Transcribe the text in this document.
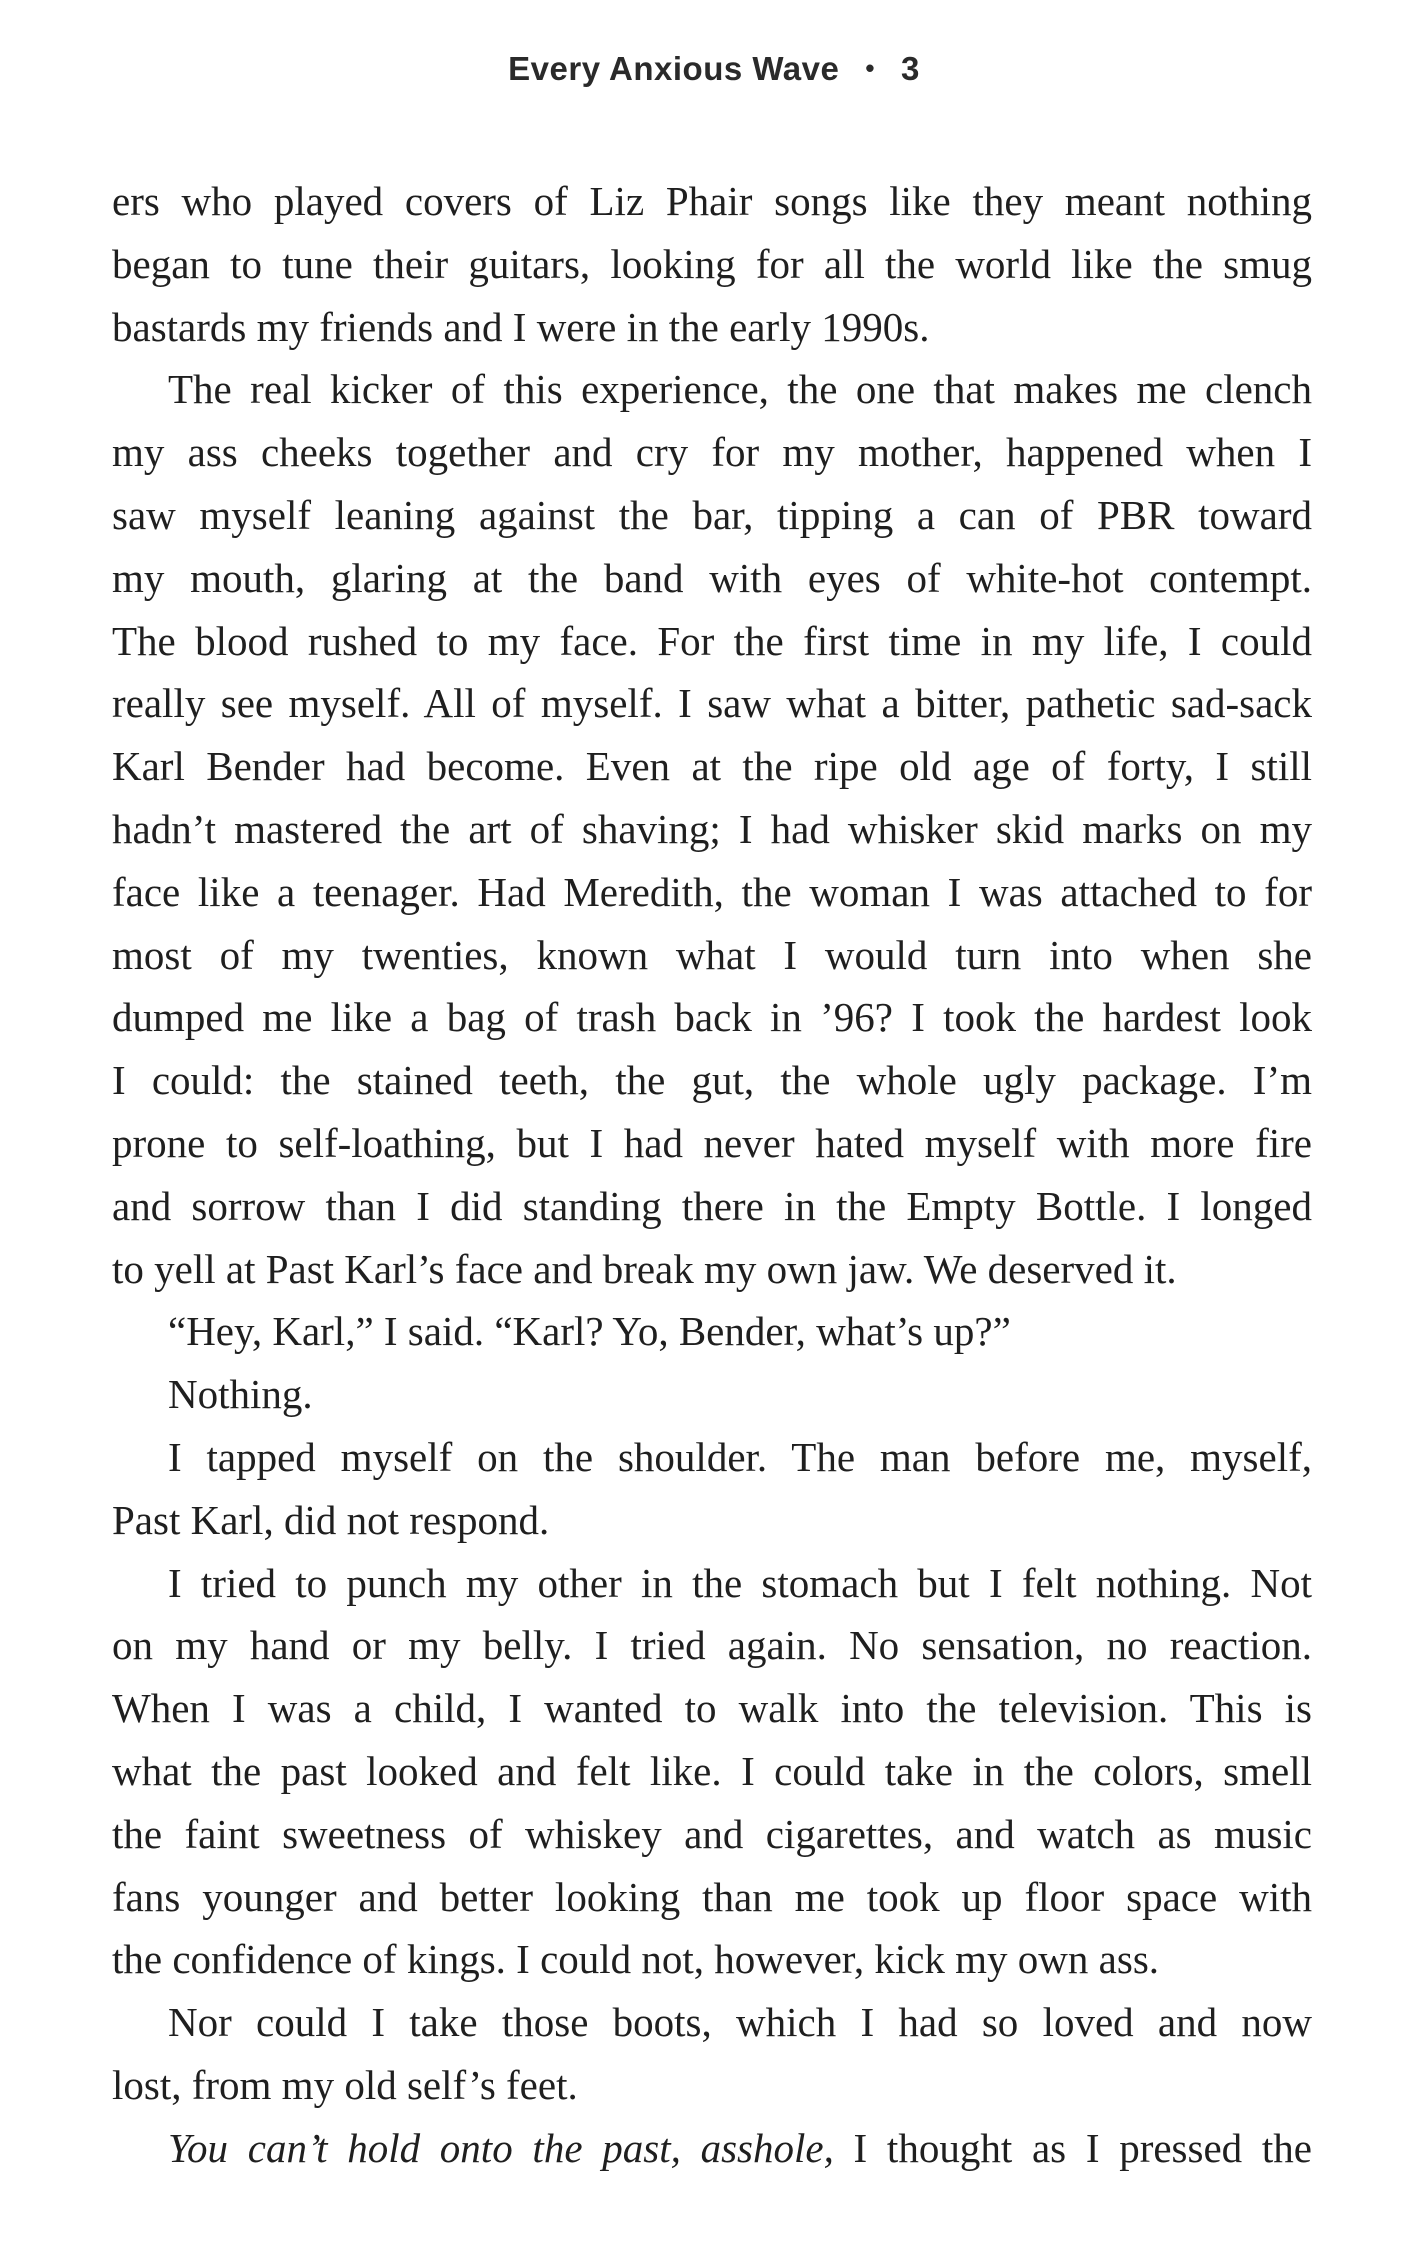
Every Anxious Wave • 3

ers who played covers of Liz Phair songs like they meant nothing
began to tune their guitars, looking for all the world like the smug
bastards my friends and I were in the early 1990s.

The real kicker of this experience, the one that makes me clench
my ass cheeks together and cry for my mother, happened when I
saw myself leaning against the bar, tipping a can of PBR toward
my mouth, glaring at the band with eyes of white-hot contempt.
The blood rushed to my face. For the first time in my life, I could
really see myself. All of myself. I saw what a bitter, pathetic sad-sack
Karl Bender had become. Even at the ripe old age of forty, I still
hadn’t mastered the art of shaving; I had whisker skid marks on my
face like a teenager. Had Meredith, the woman I was attached to for
most of my twenties, known what I would turn into when she
dumped me like a bag of trash back in ’96? I took the hardest look
I could: the stained teeth, the gut, the whole ugly package. I’m
prone to self-loathing, but I had never hated myself with more fire
and sorrow than I did standing there in the Empty Bottle. I longed
to yell at Past Karl’s face and break my own jaw. We deserved it.

“Hey, Karl,” I said. “Karl? Yo, Bender, what’s up?”

Nothing.

I tapped myself on the shoulder. The man before me, myself,
Past Karl, did not respond.

I tried to punch my other in the stomach but I felt nothing. Not
on my hand or my belly. I tried again. No sensation, no reaction.
When I was a child, I wanted to walk into the television. This is
what the past looked and felt like. I could take in the colors, smell
the faint sweetness of whiskey and cigarettes, and watch as music
fans younger and better looking than me took up floor space with
the confidence of kings. I could not, however, kick my own ass.

Nor could I take those boots, which I had so loved and now
lost, from my old self’s feet.

You can’t hold onto the past, asshole, I thought as I pressed the
